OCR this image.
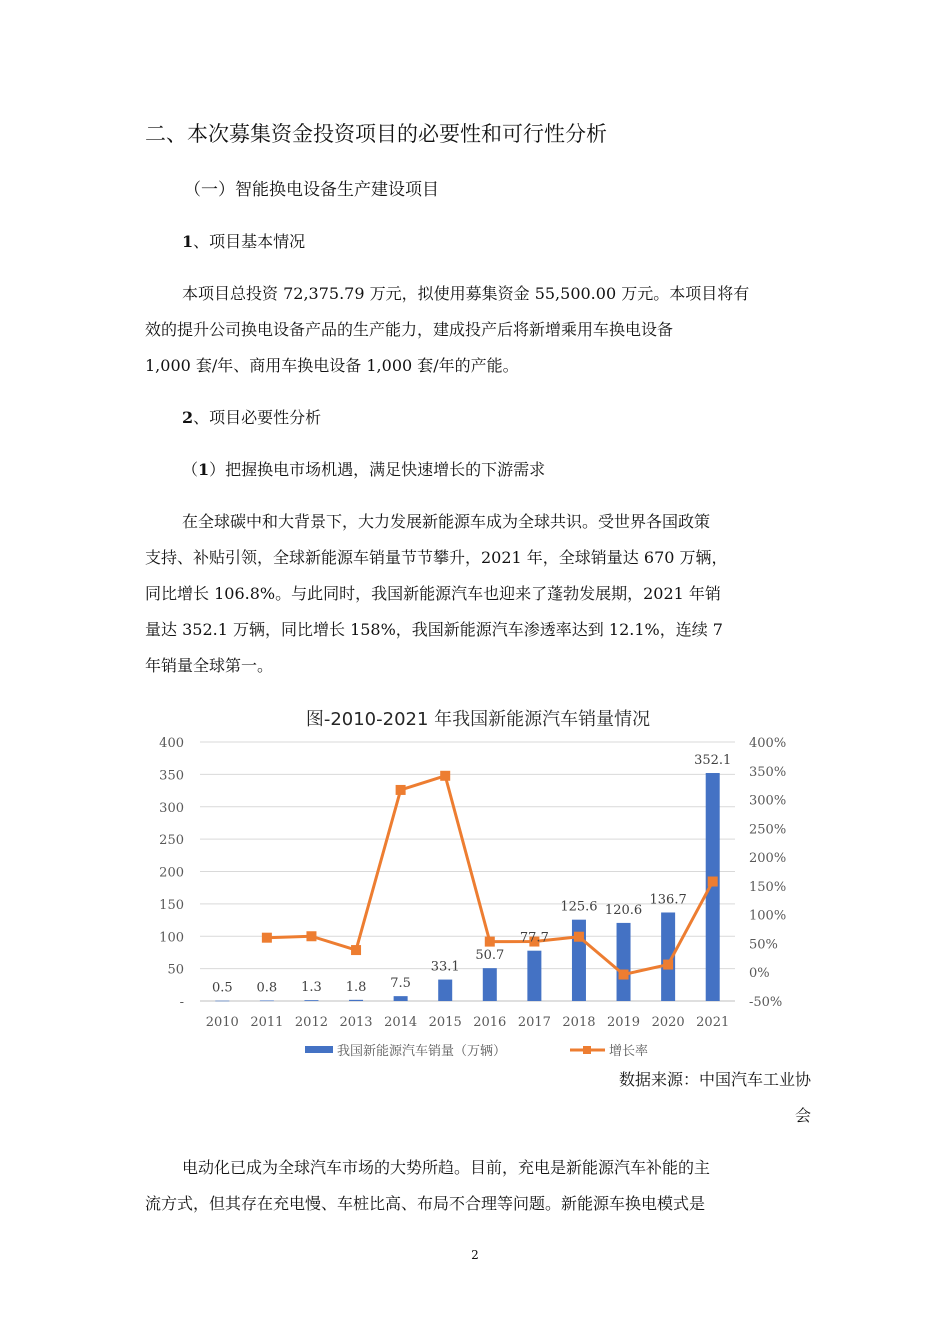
二、本次募集资金投资项目的必要性和可行性分析
（一）智能换电设备生产建设项目
1、项目基本情况
本项目总投资 72,375.79 万元，拟使用募集资金 55,500.00 万元。本项目将有
效的提升公司换电设备产品的生产能力，建成投产后将新增乘用车换电设备
1,000 套/年、商用车换电设备 1,000 套/年的产能。
2、项目必要性分析
（1）把握换电市场机遇，满足快速增长的下游需求
在全球碳中和大背景下，大力发展新能源车成为全球共识。受世界各国政策
支持、补贴引领，全球新能源车销量节节攀升，2021 年，全球销量达 670 万辆，
同比增长 106.8%。与此同时，我国新能源汽车也迎来了蓬勃发展期，2021 年销
量达 352.1 万辆，同比增长 158%，我国新能源汽车渗透率达到 12.1%，连续 7
年销量全球第一。
图-2010-2021 年我国新能源汽车销量情况
0.5 0.8 1.3 1.8 7.5
33.1
50.7
77.7
125.6 120.6
136.7
352.1
-
50
100
150
200
250
300
350
400
-50%
0%
50%
100%
150%
200%
250%
300%
350%
400%
2010 2011 2012 2013 2014 2015 2016 2017 2018 2019 2020 2021
我国新能源汽车销量（万辆）	增长率
数据来源：中国汽车工业协
会
电动化已成为全球汽车市场的大势所趋。目前，充电是新能源汽车补能的主
流方式，但其存在充电慢、车桩比高、布局不合理等问题。新能源车换电模式是
2
